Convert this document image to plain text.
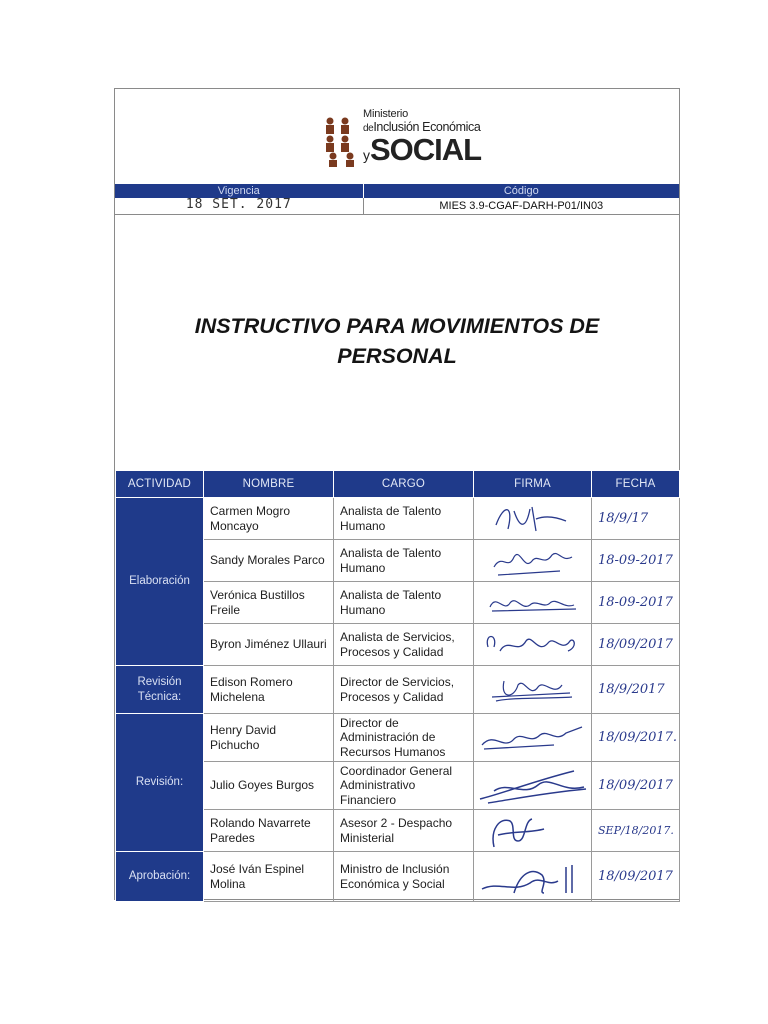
Ministerio
deInclusión Económica
ySOCIAL
Vigencia	Código
18 SET. 2017	MIES 3.9-CGAF-DARH-P01/IN03
INSTRUCTIVO PARA MOVIMIENTOS DE
PERSONAL
ACTIVIDAD	NOMBRE	CARGO	FIRMA	FECHA
Elaboración	Carmen Mogro Moncayo	Analista de Talento Humano		18/9/17
	Sandy Morales Parco	Analista de Talento Humano		18-09-2017
	Verónica Bustillos Freile	Analista de Talento Humano		18-09-2017
	Byron Jiménez Ullauri	Analista de Servicios, Procesos y Calidad		18/09/2017
Revisión Técnica:	Edison Romero Michelena	Director de Servicios, Procesos y Calidad		18/9/2017
Revisión:	Henry David Pichucho	Director de Administración de Recursos Humanos		18/09/2017.
	Julio Goyes Burgos	Coordinador General Administrativo Financiero		18/09/2017
	Rolando Navarrete Paredes	Asesor 2 - Despacho Ministerial		SEP/18/2017.
Aprobación:	José Iván Espinel Molina	Ministro de Inclusión Económica y Social		18/09/2017
